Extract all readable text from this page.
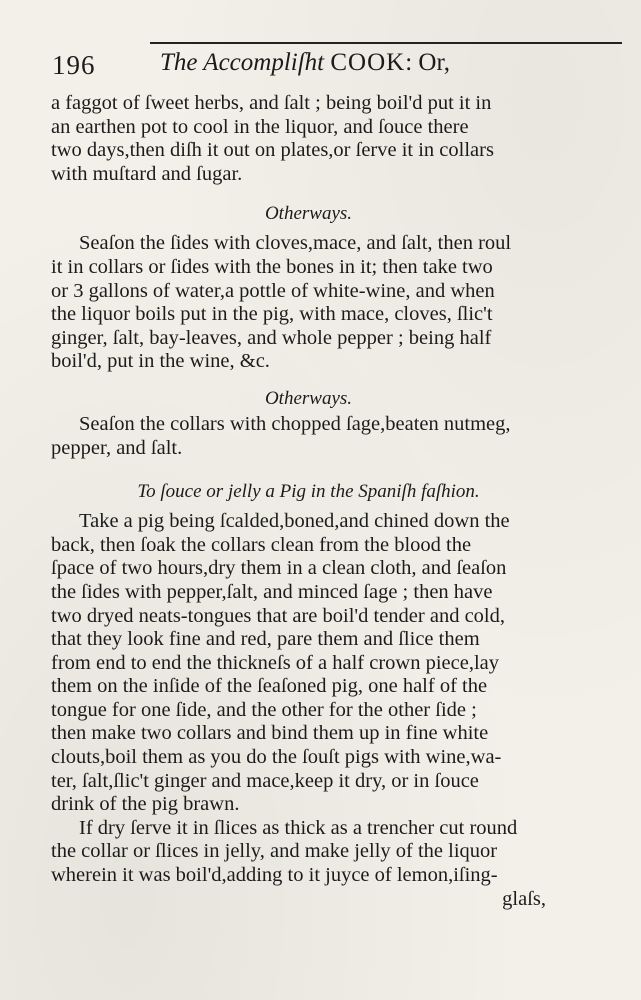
196	The Accompliſht COOK: Or,

a faggot of ſweet herbs, and ſalt ; being boil'd put it in
an earthen pot to cool in the liquor, and ſouce there
two days,then diſh it out on plates,or ſerve it in collars
with muſtard and ſugar.

Otherways.

Seaſon the ſides with cloves,mace, and ſalt, then roul
it in collars or ſides with the bones in it; then take two
or 3 gallons of water,a pottle of white-wine, and when
the liquor boils put in the pig, with mace, cloves, ſlic't
ginger, ſalt, bay-leaves, and whole pepper ; being half
boil'd, put in the wine, &c.

Otherways.

Seaſon the collars with chopped ſage,beaten nutmeg,
pepper, and ſalt.

To ſouce or jelly a Pig in the Spaniſh faſhion.

Take a pig being ſcalded,boned,and chined down the
back, then ſoak the collars clean from the blood the
ſpace of two hours,dry them in a clean cloth, and ſeaſon
the ſides with pepper,ſalt, and minced ſage ; then have
two dryed neats-tongues that are boil'd tender and cold,
that they look fine and red, pare them and ſlice them
from end to end the thickneſs of a half crown piece,lay
them on the inſide of the ſeaſoned pig, one half of the
tongue for one ſide, and the other for the other ſide ;
then make two collars and bind them up in fine white
clouts,boil them as you do the ſouſt pigs with wine,wa-
ter, ſalt,ſlic't ginger and mace,keep it dry, or in ſouce
drink of the pig brawn.

If dry ſerve it in ſlices as thick as a trencher cut round
the collar or ſlices in jelly, and make jelly of the liquor
wherein it was boil'd,adding to it juyce of lemon,iſing-
glaſs,
